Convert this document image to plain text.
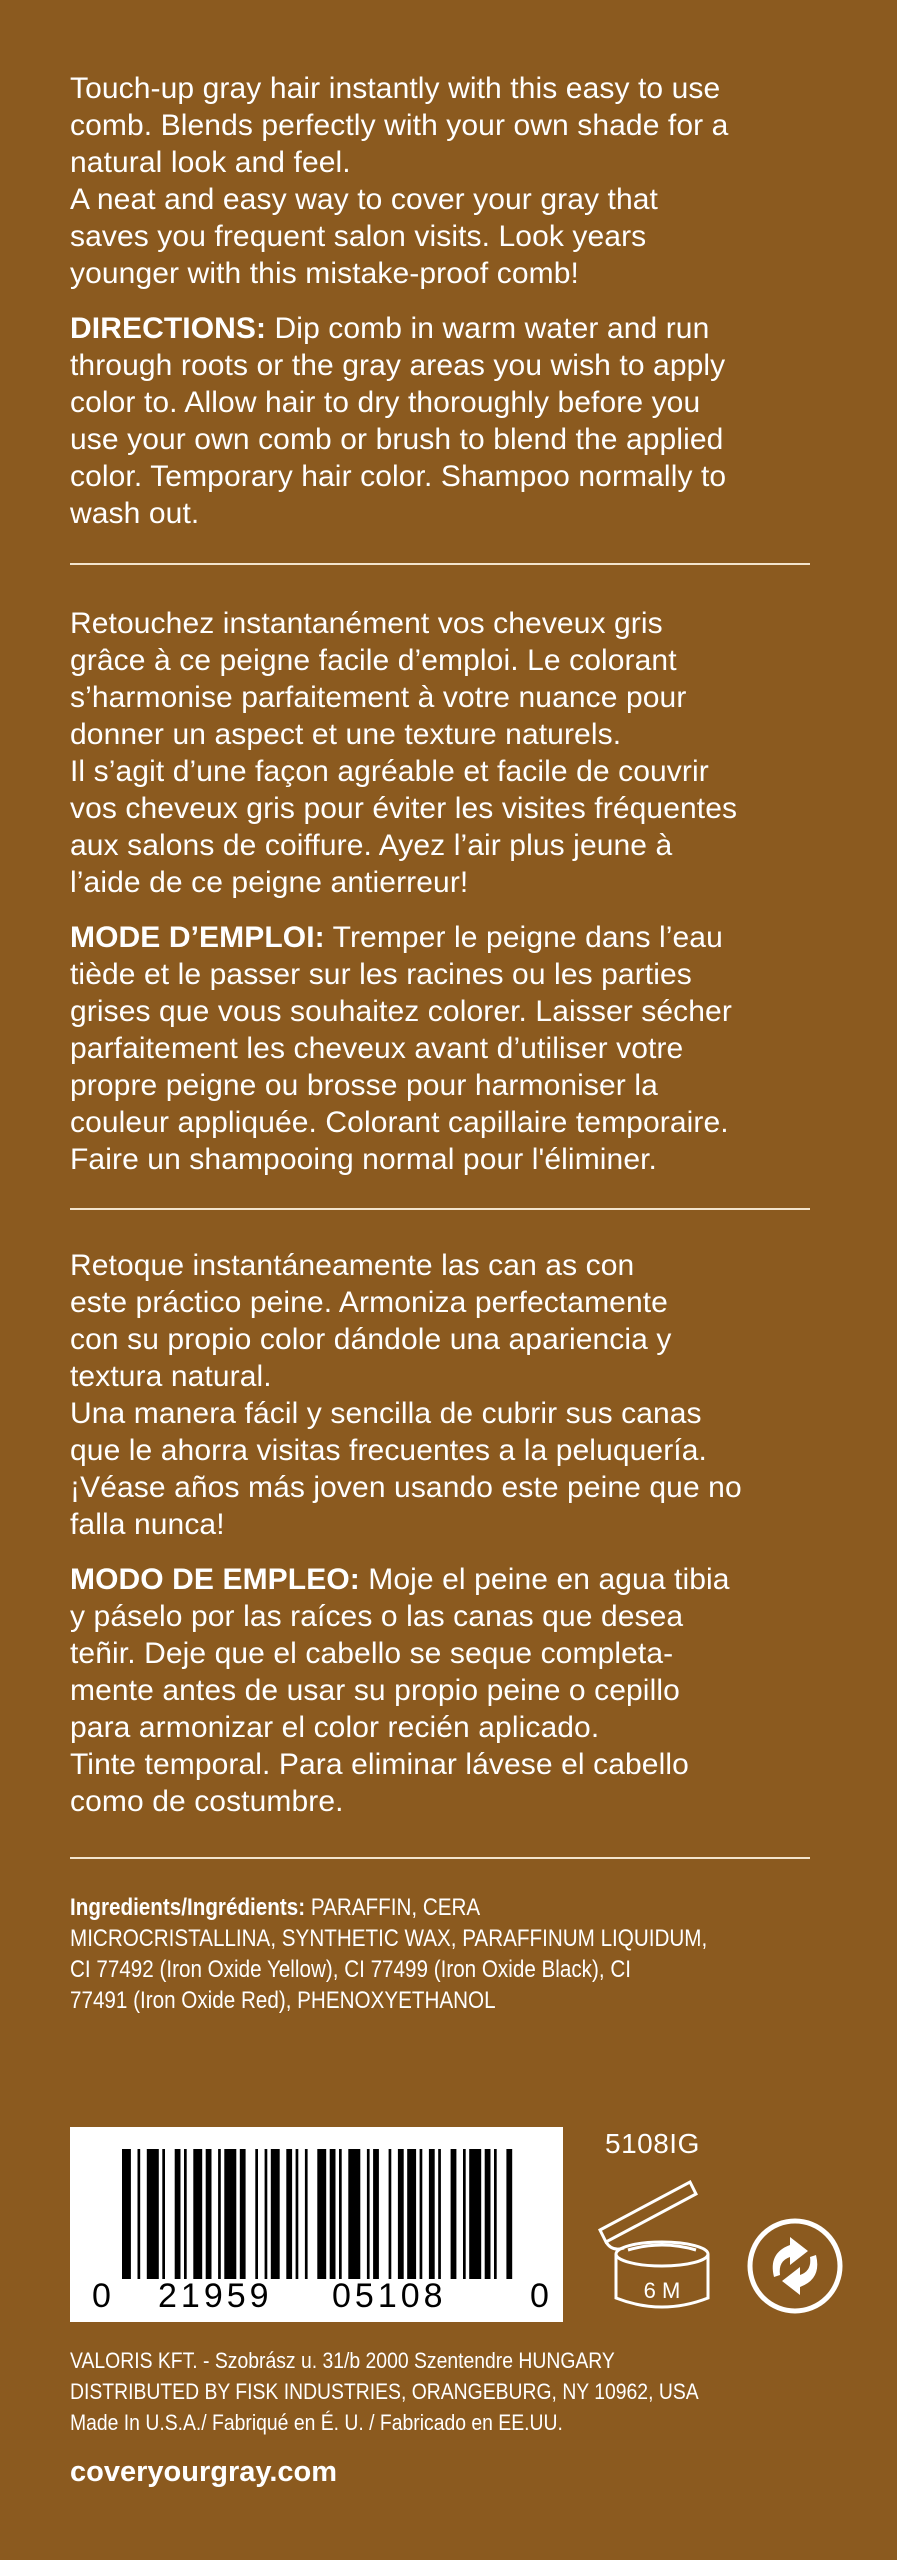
Touch-up gray hair instantly with this easy to use
comb. Blends perfectly with your own shade for a
natural look and feel.
A neat and easy way to cover your gray that
saves you frequent salon visits. Look years
younger with this mistake-proof comb!

DIRECTIONS: Dip comb in warm water and run
through roots or the gray areas you wish to apply
color to. Allow hair to dry thoroughly before you
use your own comb or brush to blend the applied
color. Temporary hair color. Shampoo normally to
wash out.

Retouchez instantanément vos cheveux gris
grâce à ce peigne facile d’emploi. Le colorant
s’harmonise parfaitement à votre nuance pour
donner un aspect et une texture naturels.
Il s’agit d’une façon agréable et facile de couvrir
vos cheveux gris pour éviter les visites fréquentes
aux salons de coiffure. Ayez l’air plus jeune à
l’aide de ce peigne antierreur!

MODE D’EMPLOI: Tremper le peigne dans l’eau
tiède et le passer sur les racines ou les parties
grises que vous souhaitez colorer. Laisser sécher
parfaitement les cheveux avant d’utiliser votre
propre peigne ou brosse pour harmoniser la
couleur appliquée. Colorant capillaire temporaire.
Faire un shampooing normal pour l'éliminer.

Retoque instantáneamente las can as con
este práctico peine. Armoniza perfectamente
con su propio color dándole una apariencia y
textura natural.
Una manera fácil y sencilla de cubrir sus canas
que le ahorra visitas frecuentes a la peluquería.
¡Véase años más joven usando este peine que no
falla nunca!

MODO DE EMPLEO: Moje el peine en agua tibia
y páselo por las raíces o las canas que desea
teñir. Deje que el cabello se seque completa-
mente antes de usar su propio peine o cepillo
para armonizar el color recién aplicado.
Tinte temporal. Para eliminar lávese el cabello
como de costumbre.

Ingredients/Ingrédients: PARAFFIN, CERA
MICROCRISTALLINA, SYNTHETIC WAX, PARAFFINUM LIQUIDUM,
CI 77492 (Iron Oxide Yellow), CI 77499 (Iron Oxide Black), CI
77491 (Iron Oxide Red), PHENOXYETHANOL
0 21959 05108 0
5108IG
6 M
VALORIS KFT. - Szobrász u. 31/b 2000 Szentendre HUNGARY
DISTRIBUTED BY FISK INDUSTRIES, ORANGEBURG, NY 10962, USA
Made In U.S.A./ Fabriqué en É. U. / Fabricado en EE.UU.
coveryourgray.com
